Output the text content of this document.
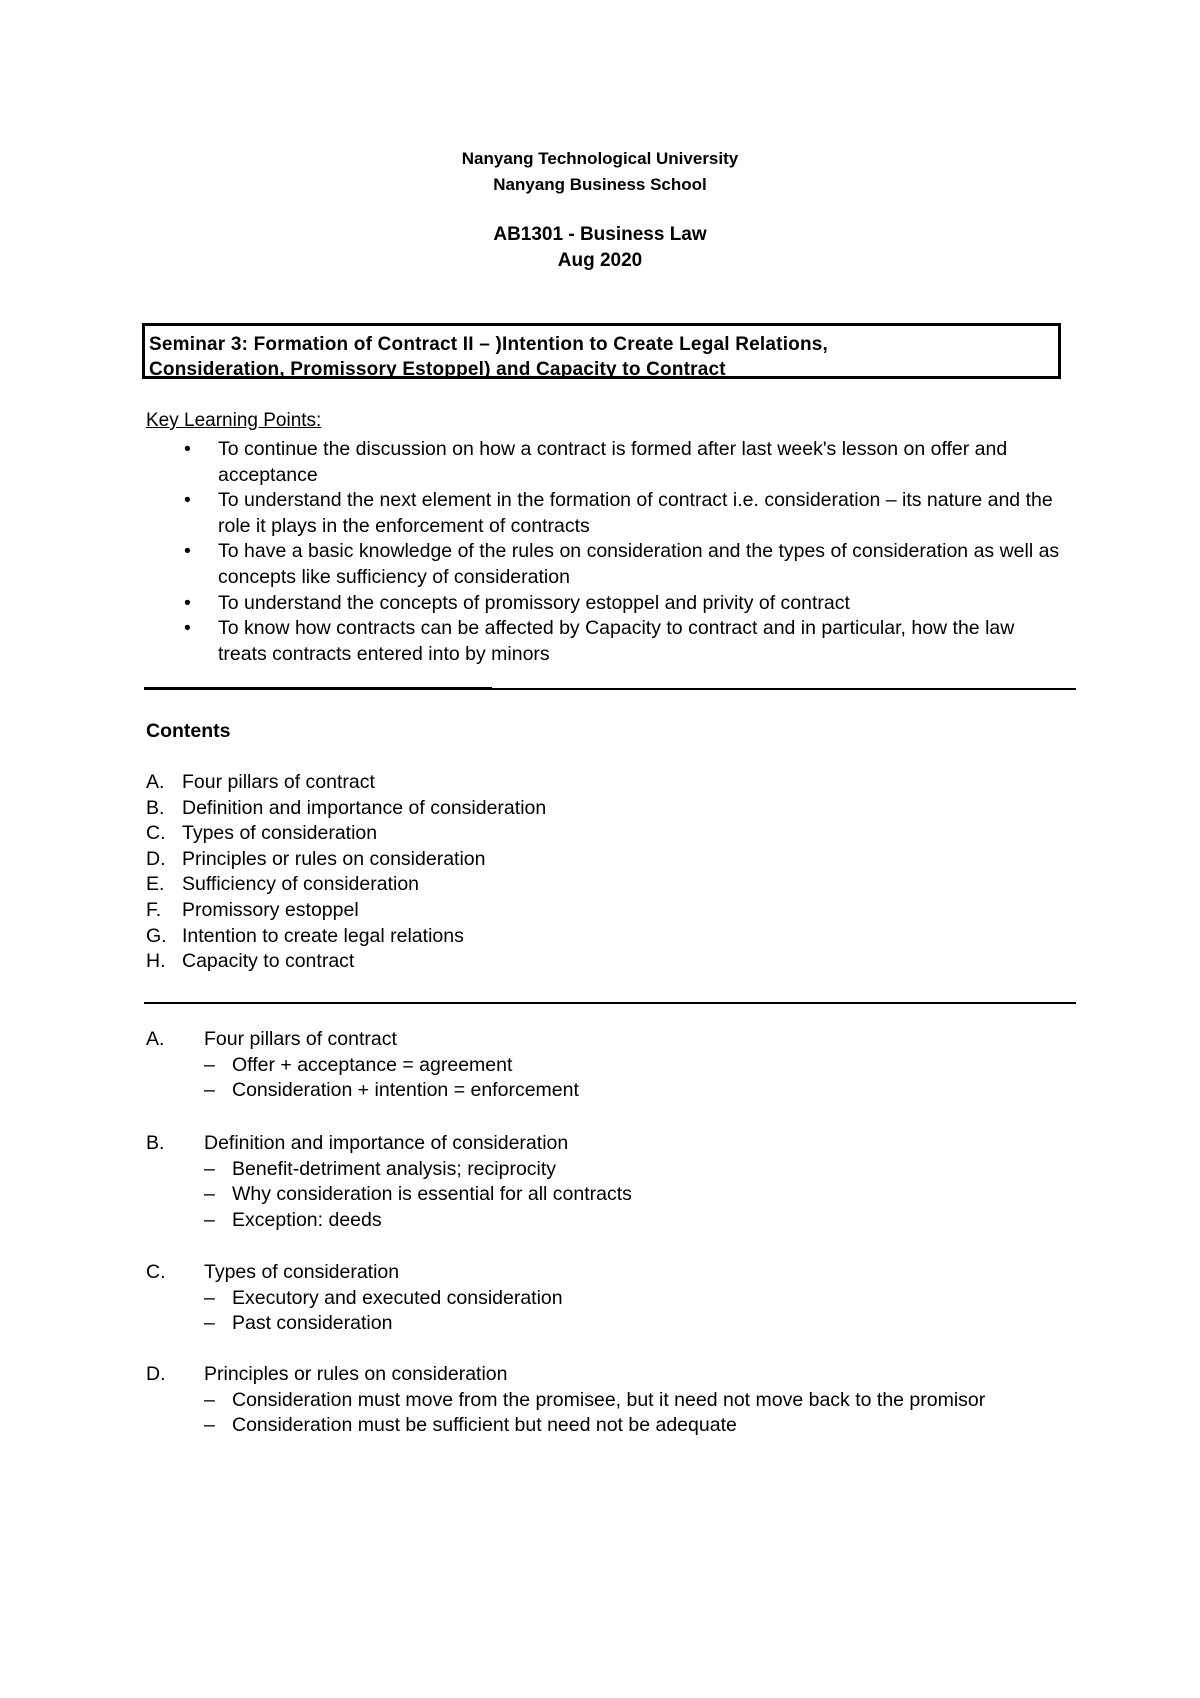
Nanyang Technological University
Nanyang Business School
AB1301 - Business Law
Aug 2020
Seminar 3: Formation of Contract II – )Intention to Create Legal Relations,
Consideration, Promissory Estoppel) and Capacity to Contract
Key Learning Points:
• To continue the discussion on how a contract is formed after last week's lesson on offer and acceptance
• To understand the next element in the formation of contract i.e. consideration – its nature and the role it plays in the enforcement of contracts
• To have a basic knowledge of the rules on consideration and the types of consideration as well as concepts like sufficiency of consideration
• To understand the concepts of promissory estoppel and privity of contract
• To know how contracts can be affected by Capacity to contract and in particular, how the law treats contracts entered into by minors
Contents
A. Four pillars of contract
B. Definition and importance of consideration
C. Types of consideration
D. Principles or rules on consideration
E. Sufficiency of consideration
F. Promissory estoppel
G. Intention to create legal relations
H. Capacity to contract
A. Four pillars of contract
– Offer + acceptance = agreement
– Consideration + intention = enforcement
B. Definition and importance of consideration
– Benefit-detriment analysis; reciprocity
– Why consideration is essential for all contracts
– Exception: deeds
C. Types of consideration
– Executory and executed consideration
– Past consideration
D. Principles or rules on consideration
– Consideration must move from the promisee, but it need not move back to the promisor
– Consideration must be sufficient but need not be adequate
